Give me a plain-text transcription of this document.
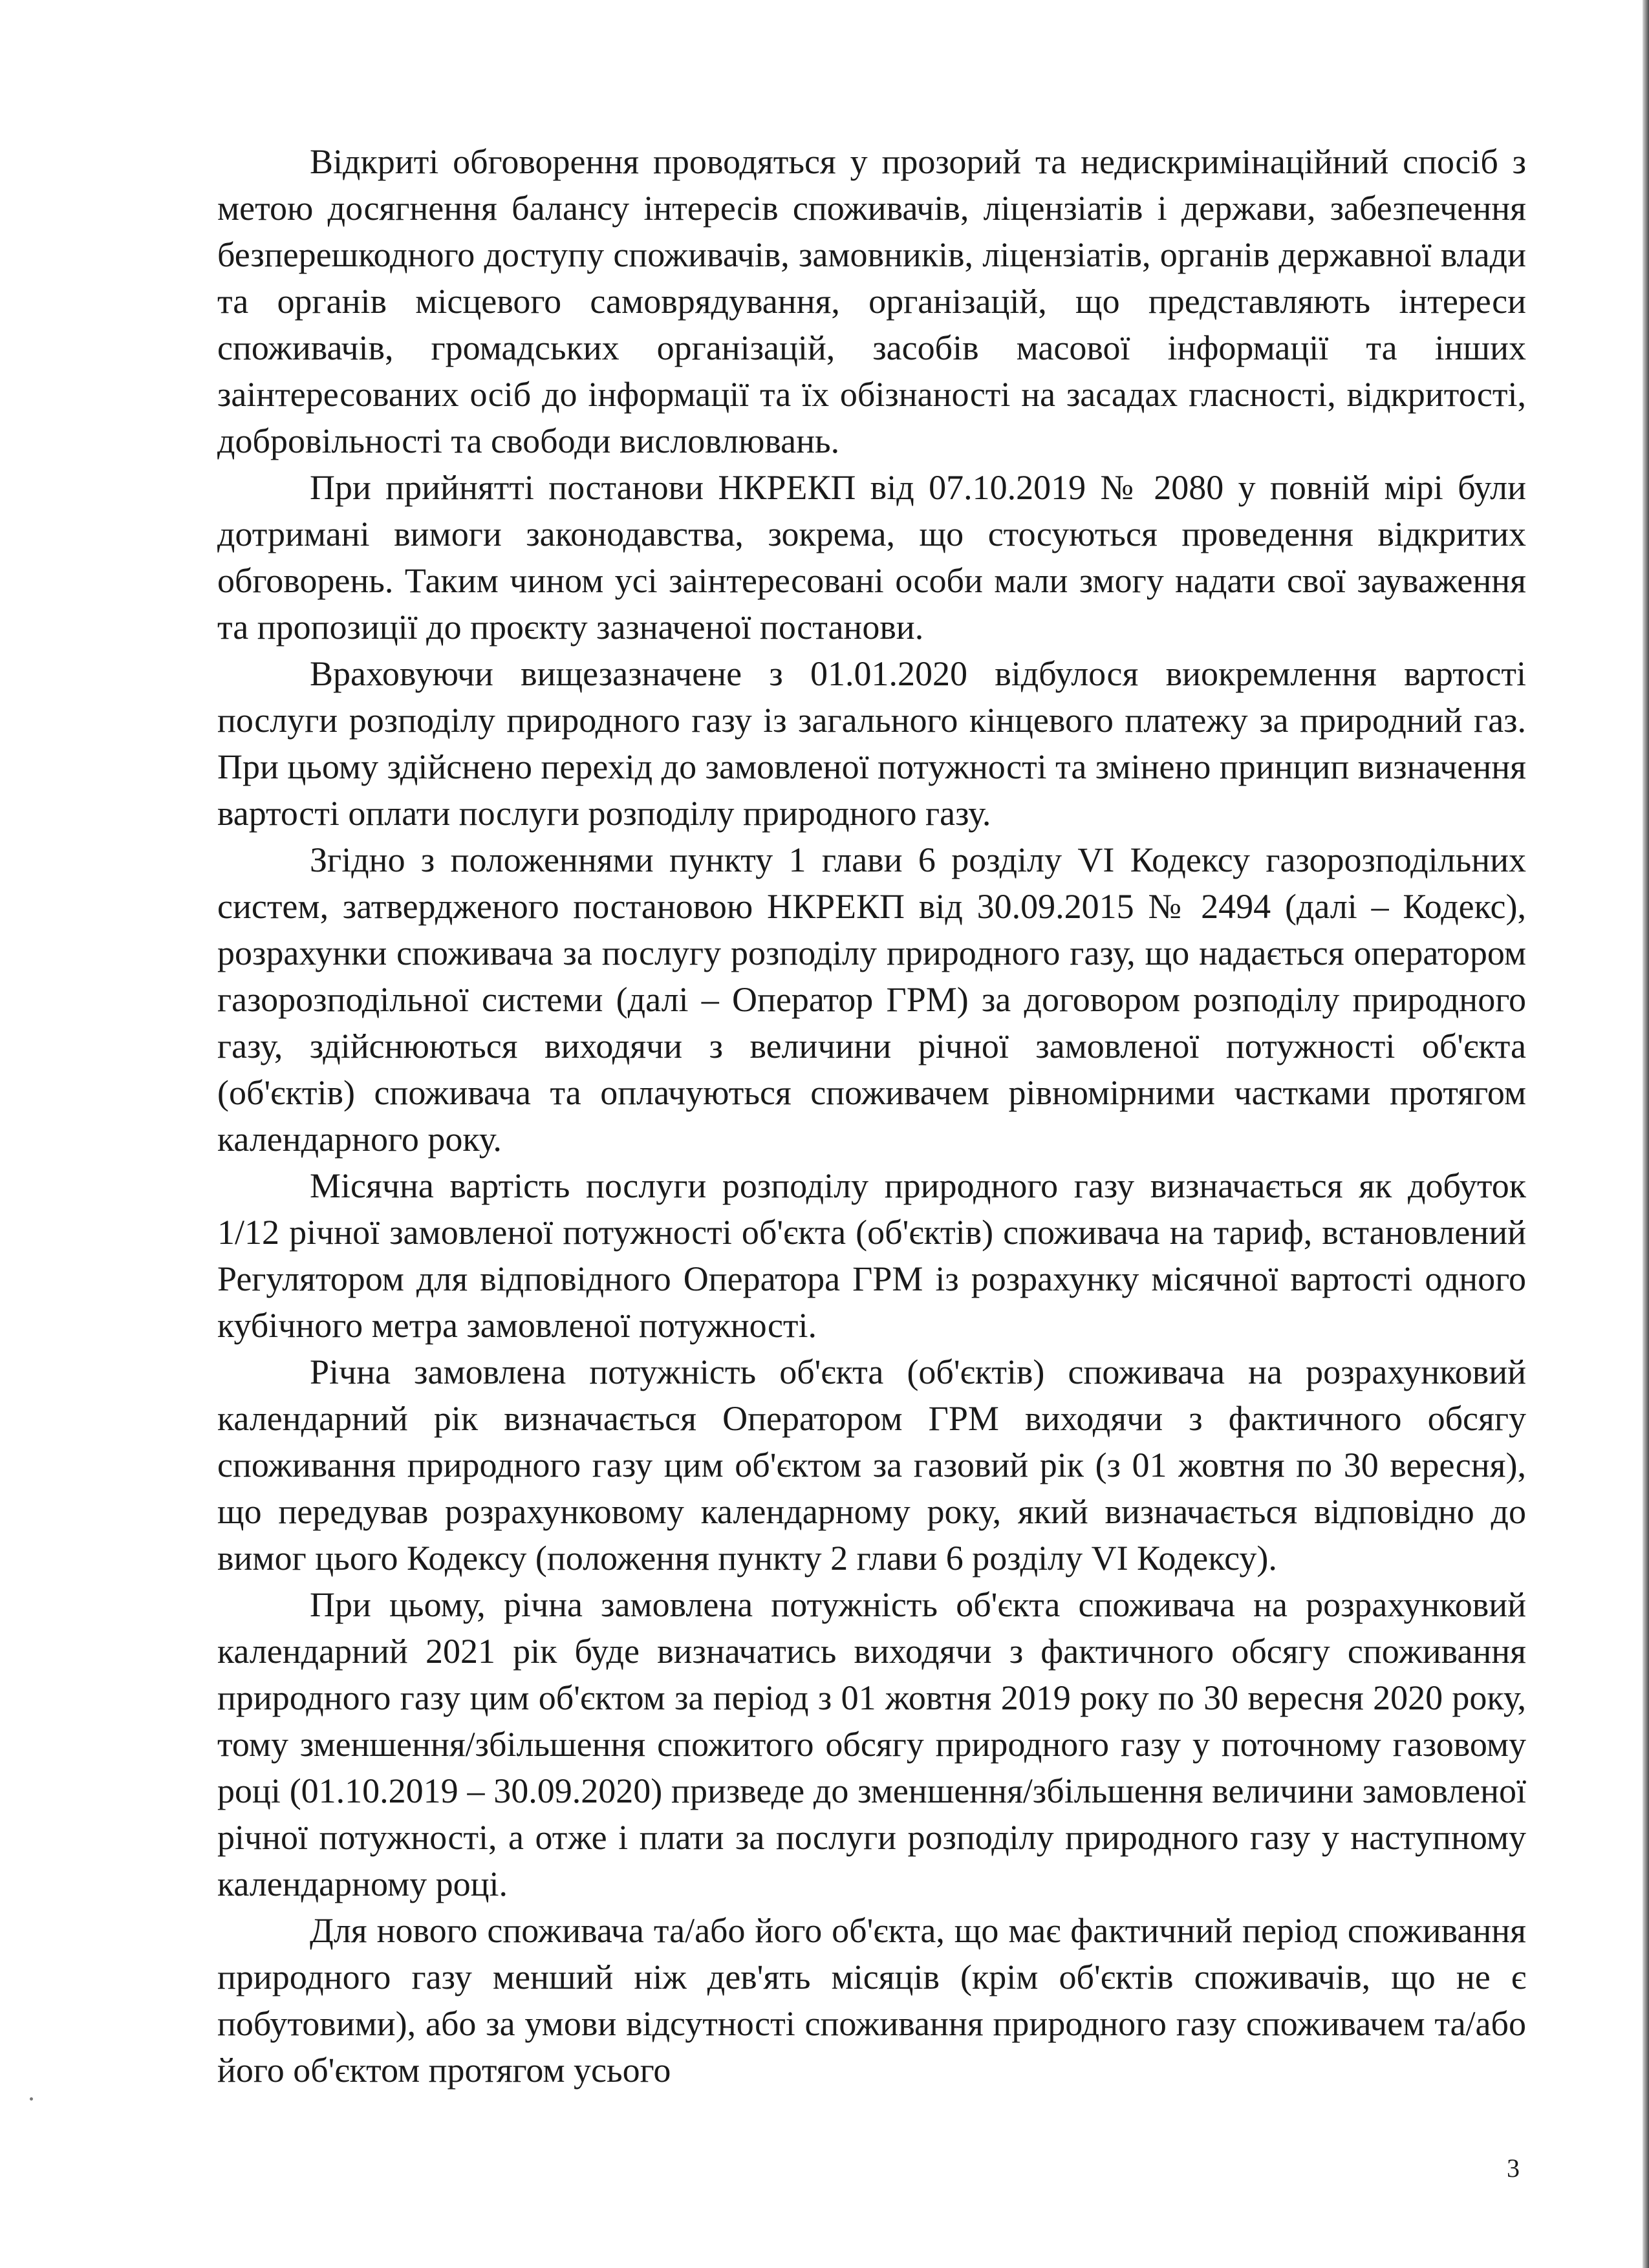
Відкриті обговорення проводяться у прозорий та недискримінаційний спосіб з метою досягнення балансу інтересів споживачів, ліцензіатів і держави, забезпечення безперешкодного доступу споживачів, замовників, ліцензіатів, органів державної влади та органів місцевого самоврядування, організацій, що представляють інтереси споживачів, громадських організацій, засобів масової інформації та інших заінтересованих осіб до інформації та їх обізнаності на засадах гласності, відкритості, добровільності та свободи висловлювань.

При прийнятті постанови НКРЕКП від 07.10.2019 № 2080 у повній мірі були дотримані вимоги законодавства, зокрема, що стосуються проведення відкритих обговорень. Таким чином усі заінтересовані особи мали змогу надати свої зауваження та пропозиції до проєкту зазначеної постанови.

Враховуючи вищезазначене з 01.01.2020 відбулося виокремлення вартості послуги розподілу природного газу із загального кінцевого платежу за природний газ. При цьому здійснено перехід до замовленої потужності та змінено принцип визначення вартості оплати послуги розподілу природного газу.

Згідно з положеннями пункту 1 глави 6 розділу VI Кодексу газорозподільних систем, затвердженого постановою НКРЕКП від 30.09.2015 № 2494 (далі – Кодекс), розрахунки споживача за послугу розподілу природного газу, що надається оператором газорозподільної системи (далі – Оператор ГРМ) за договором розподілу природного газу, здійснюються виходячи з величини річної замовленої потужності об'єкта (об'єктів) споживача та оплачуються споживачем рівномірними частками протягом календарного року.

Місячна вартість послуги розподілу природного газу визначається як добуток 1/12 річної замовленої потужності об'єкта (об'єктів) споживача на тариф, встановлений Регулятором для відповідного Оператора ГРМ із розрахунку місячної вартості одного кубічного метра замовленої потужності.

Річна замовлена потужність об'єкта (об'єктів) споживача на розрахунковий календарний рік визначається Оператором ГРМ виходячи з фактичного обсягу споживання природного газу цим об'єктом за газовий рік (з 01 жовтня по 30 вересня), що передував розрахунковому календарному року, який визначається відповідно до вимог цього Кодексу (положення пункту 2 глави 6 розділу VI Кодексу).

При цьому, річна замовлена потужність об'єкта споживача на розрахунковий календарний 2021 рік буде визначатись виходячи з фактичного обсягу споживання природного газу цим об'єктом за період з 01 жовтня 2019 року по 30 вересня 2020 року, тому зменшення/збільшення спожитого обсягу природного газу у поточному газовому році (01.10.2019 – 30.09.2020) призведе до зменшення/збільшення величини замовленої річної потужності, а отже і плати за послуги розподілу природного газу у наступному календарному році.

Для нового споживача та/або його об'єкта, що має фактичний період споживання природного газу менший ніж дев'ять місяців (крім об'єктів споживачів, що не є побутовими), або за умови відсутності споживання природного газу споживачем та/або його об'єктом протягом усього

3
